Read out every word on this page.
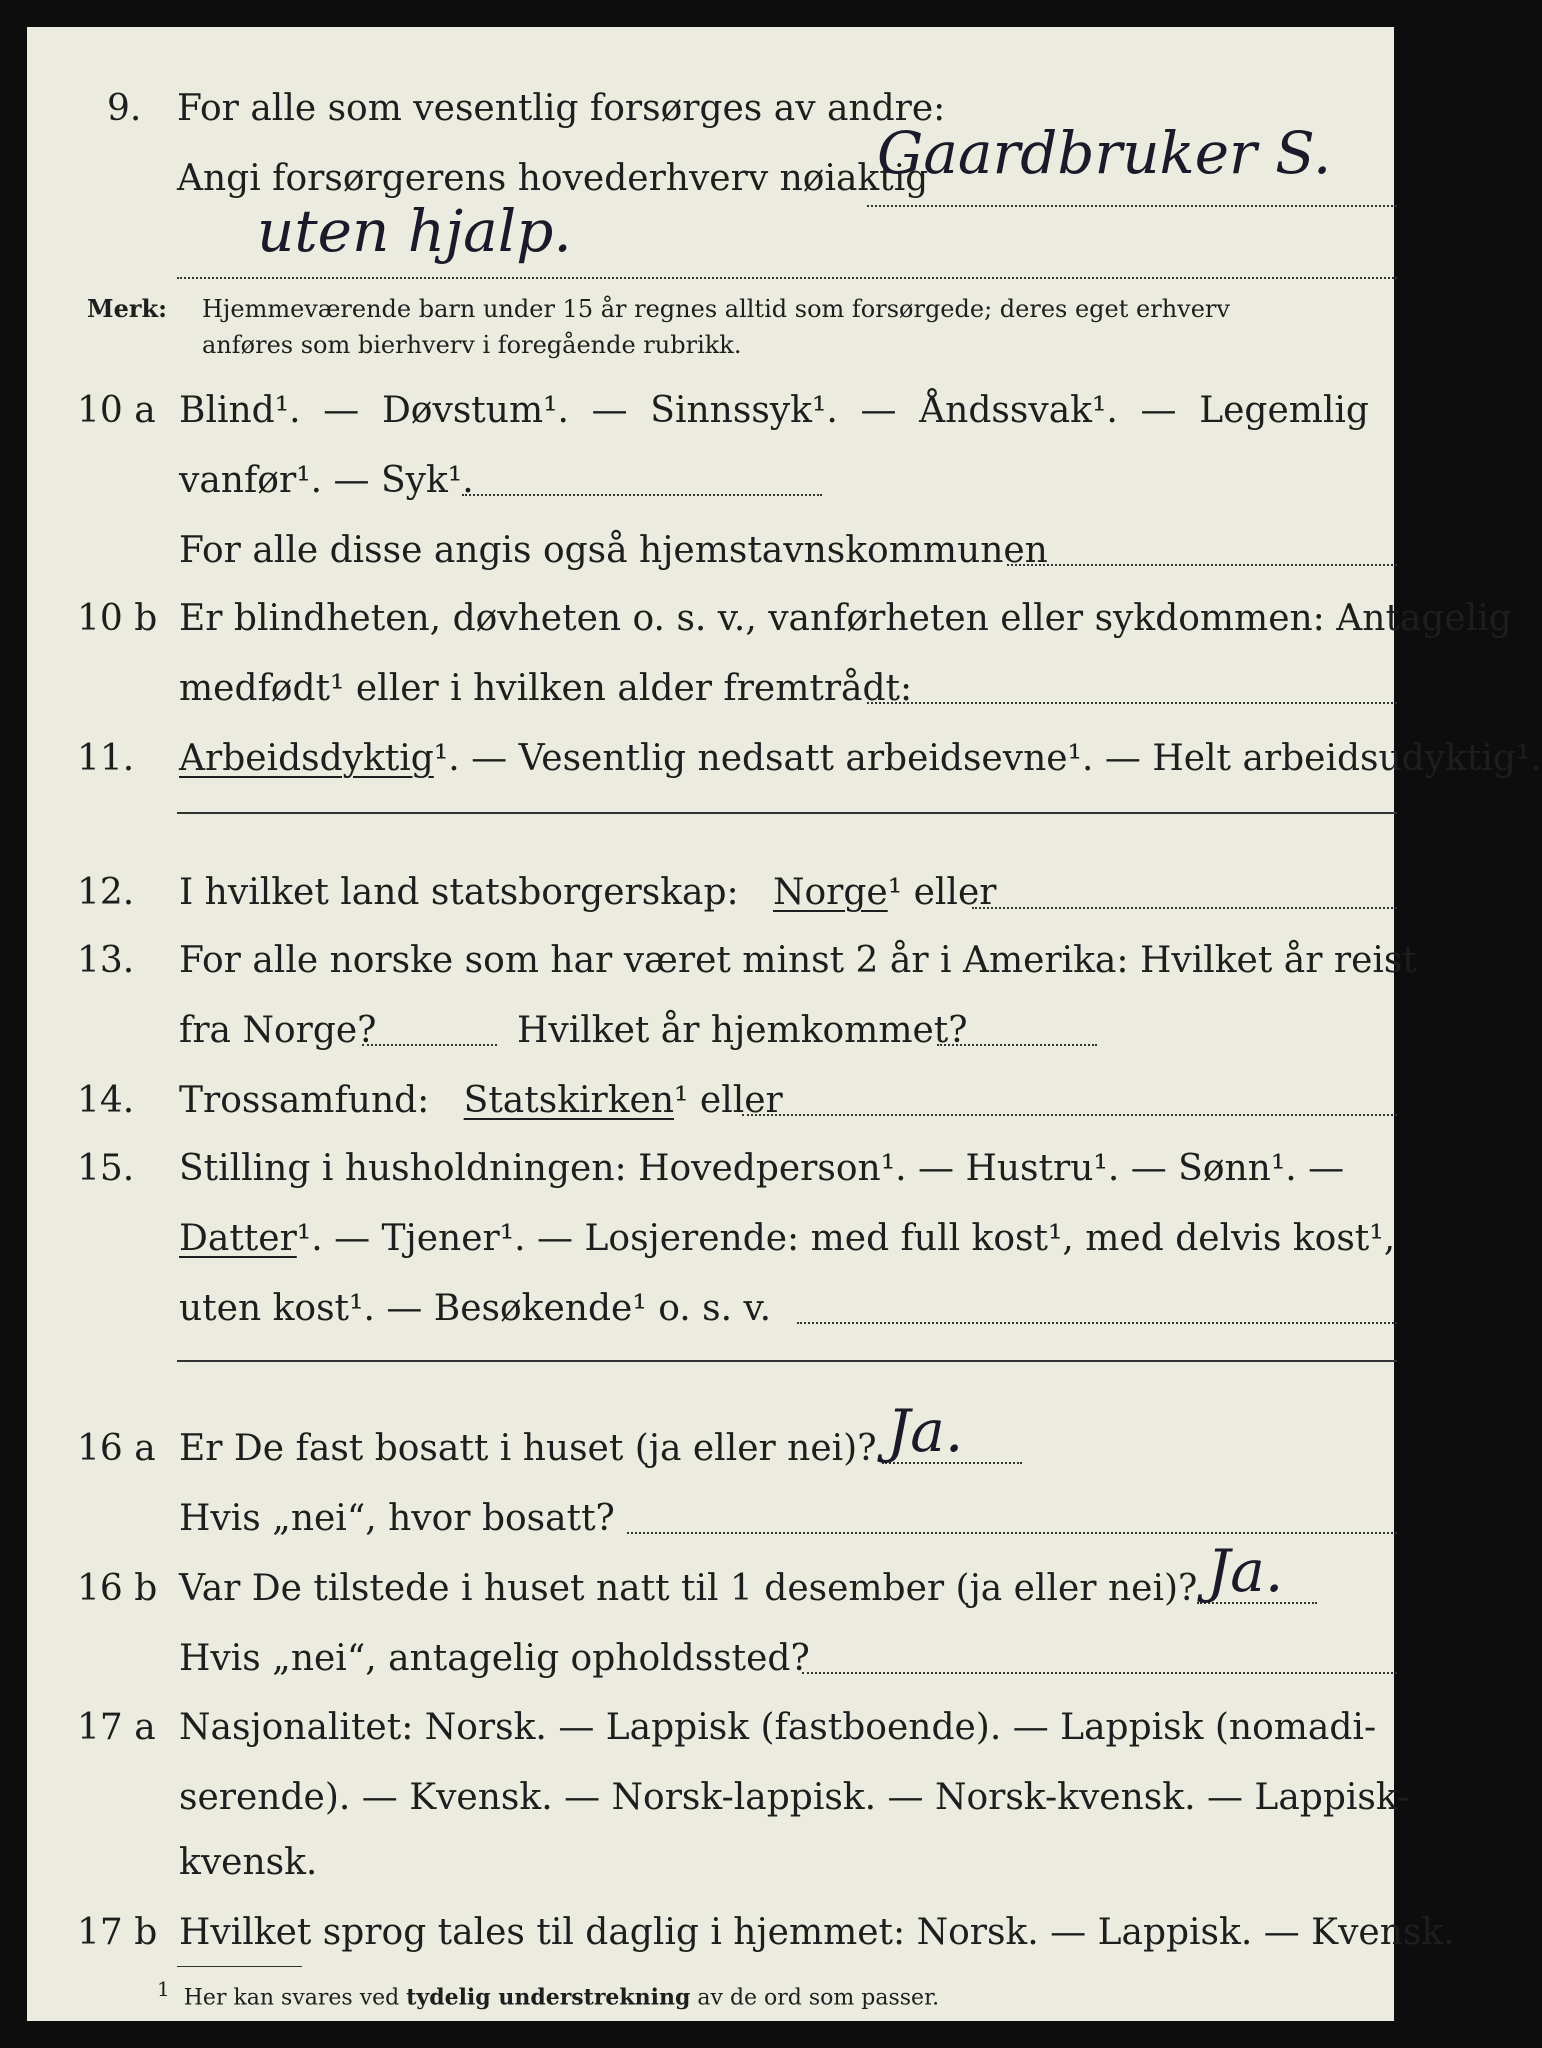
9. For alle som vesentlig forsørges av andre:
Angi forsørgerens hovederhverv nøiaktig
Gaardbruker S.
uten hjalp.
Merk: Hjemmeværende barn under 15 år regnes alltid som forsørgede; deres eget erhverv
anføres som bierhverv i foregående rubrikk.
10 a Blind¹. — Døvstum¹. — Sinnssyk¹. — Åndssvak¹. — Legemlig
vanfør¹. — Syk¹.
For alle disse angis også hjemstavnskommunen
10 b Er blindheten, døvheten o. s. v., vanførheten eller sykdommen: Antagelig
medfødt¹ eller i hvilken alder fremtrådt:
11. Arbeidsdyktig¹. — Vesentlig nedsatt arbeidsevne¹. — Helt arbeidsudyktig¹.
12. I hvilket land statsborgerskap: Norge¹ eller
13. For alle norske som har været minst 2 år i Amerika: Hvilket år reist
fra Norge?	Hvilket år hjemkommet?
14. Trossamfund: Statskirken¹ eller
15. Stilling i husholdningen: Hovedperson¹. — Hustru¹. — Sønn¹. —
Datter¹. — Tjener¹. — Losjerende: med full kost¹, med delvis kost¹,
uten kost¹. — Besøkende¹ o. s. v.
16 a Er De fast bosatt i huset (ja eller nei)? Ja.
Hvis „nei“, hvor bosatt?
16 b Var De tilstede i huset natt til 1 desember (ja eller nei)? Ja.
Hvis „nei“, antagelig opholdssted?
17 a Nasjonalitet: Norsk. — Lappisk (fastboende). — Lappisk (nomadi-
serende). — Kvensk. — Norsk-lappisk. — Norsk-kvensk. — Lappisk-
kvensk.
17 b Hvilket sprog tales til daglig i hjemmet: Norsk. — Lappisk. — Kvensk.
$^1$ Her kan svares ved tydelig understrekning av de ord som passer.
